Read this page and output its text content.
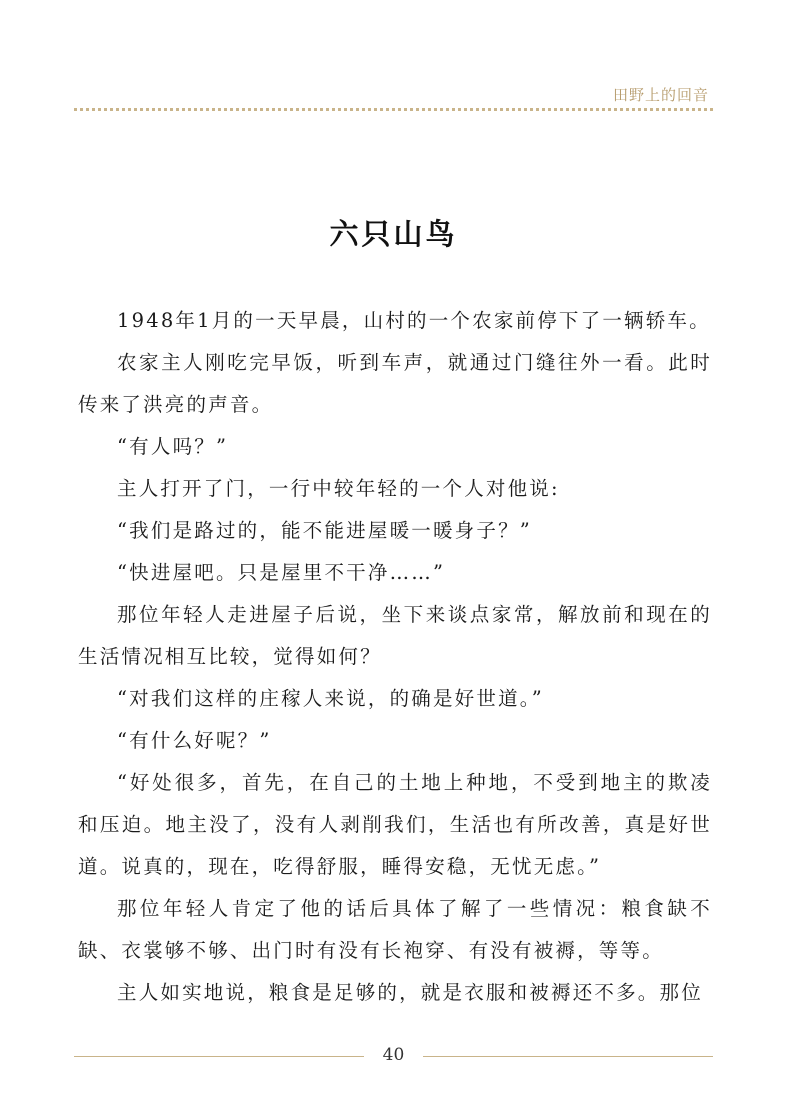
田野上的回音
六只山鸟

1948年1月的一天早晨，山村的一个农家前停下了一辆轿车。

农家主人刚吃完早饭，听到车声，就通过门缝往外一看。此时传来了洪亮的声音。

“有人吗？”

主人打开了门，一行中较年轻的一个人对他说:

“我们是路过的，能不能进屋暖一暖身子？”

“快进屋吧。只是屋里不干净……”

那位年轻人走进屋子后说，坐下来谈点家常，解放前和现在的生活情况相互比较，觉得如何？

“对我们这样的庄稼人来说，的确是好世道。”

“有什么好呢？”

“好处很多，首先，在自己的土地上种地，不受到地主的欺凌和压迫。地主没了，没有人剥削我们，生活也有所改善，真是好世道。说真的，现在，吃得舒服，睡得安稳，无忧无虑。”

那位年轻人肯定了他的话后具体了解了一些情况：粮食缺不缺、衣裳够不够、出门时有没有长袍穿、有没有被褥，等等。

主人如实地说，粮食是足够的，就是衣服和被褥还不多。那位

40
